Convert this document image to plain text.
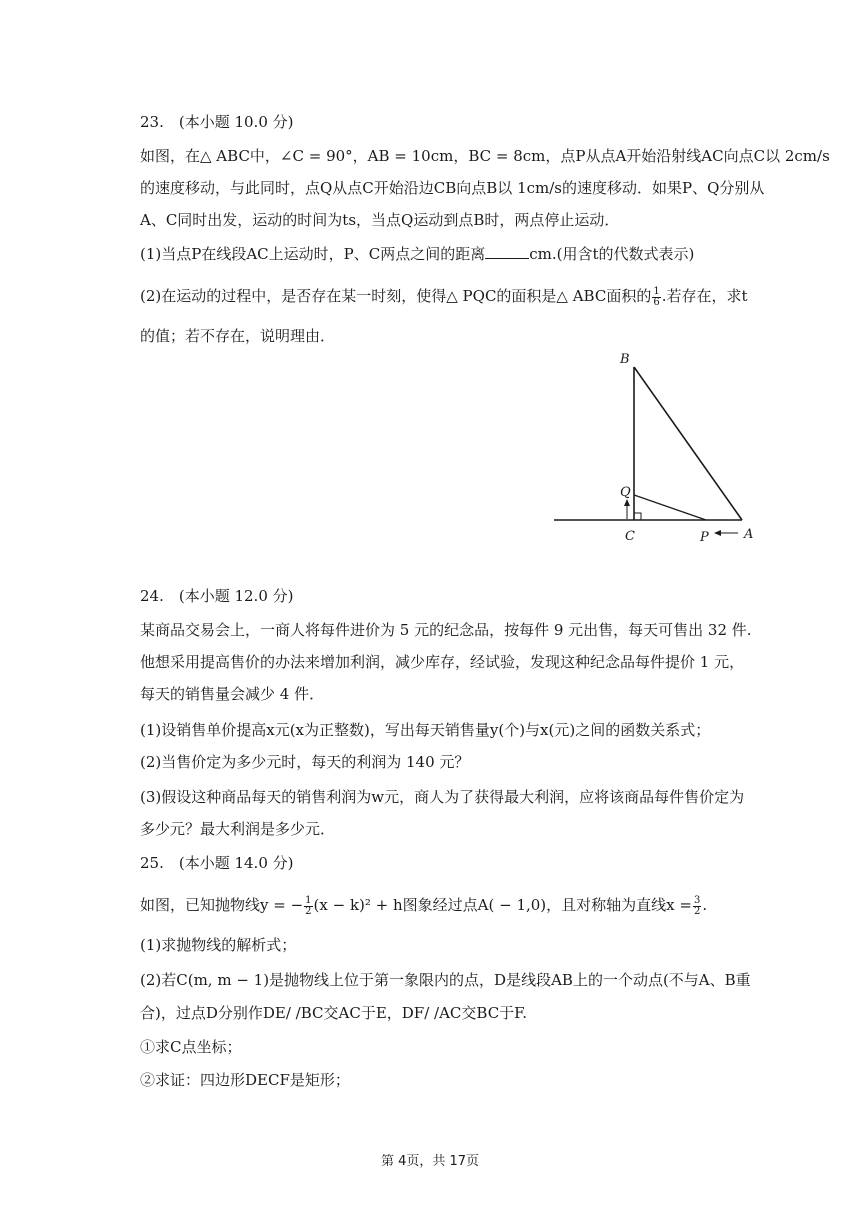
23.　(本小题 10.0 分)
如图，在△ ABC中，∠C = 90°，AB = 10cm，BC = 8cm，点P从点A开始沿射线AC向点C以 2cm/s
的速度移动，与此同时，点Q从点C开始沿边CB向点B以 1cm/s的速度移动．如果P、Q分别从
A、C同时出发，运动的时间为ts，当点Q运动到点B时，两点停止运动．
(1)当点P在线段AC上运动时，P、C两点之间的距离	cm.(用含t的代数式表示)
(2)在运动的过程中，是否存在某一时刻，使得△ PQC的面积是△ ABC面积的 $\frac{1}{6}$ .若存在，求t
的值；若不存在，说明理由．
B
Q
C	P	A
24.　(本小题 12.0 分)
某商品交易会上，一商人将每件进价为 5 元的纪念品，按每件 9 元出售，每天可售出 32 件.
他想采用提高售价的办法来增加利润，减少库存，经试验，发现这种纪念品每件提价 1 元，
每天的销售量会减少 4 件．
(1)设销售单价提高x元(x为正整数)，写出每天销售量y(个)与x(元)之间的函数关系式；
(2)当售价定为多少元时，每天的利润为 140 元？
(3)假设这种商品每天的销售利润为w元，商人为了获得最大利润，应将该商品每件售价定为
多少元？最大利润是多少元．
25.　(本小题 14.0 分)
如图，已知抛物线y = − $\frac{1}{2} (x - k)^2 + h$图象经过点A( − 1,0)，且对称轴为直线$x = \frac{3}{2}$ .
(1)求抛物线的解析式；
(2)若C(m, m − 1)是抛物线上位于第一象限内的点，D是线段AB上的一个动点(不与A、B重
合)，过点D分别作DE/ /BC交AC于E，DF/ /AC交BC于F.
①求C点坐标；
②求证：四边形DECF是矩形；
第 4页，共 17页
